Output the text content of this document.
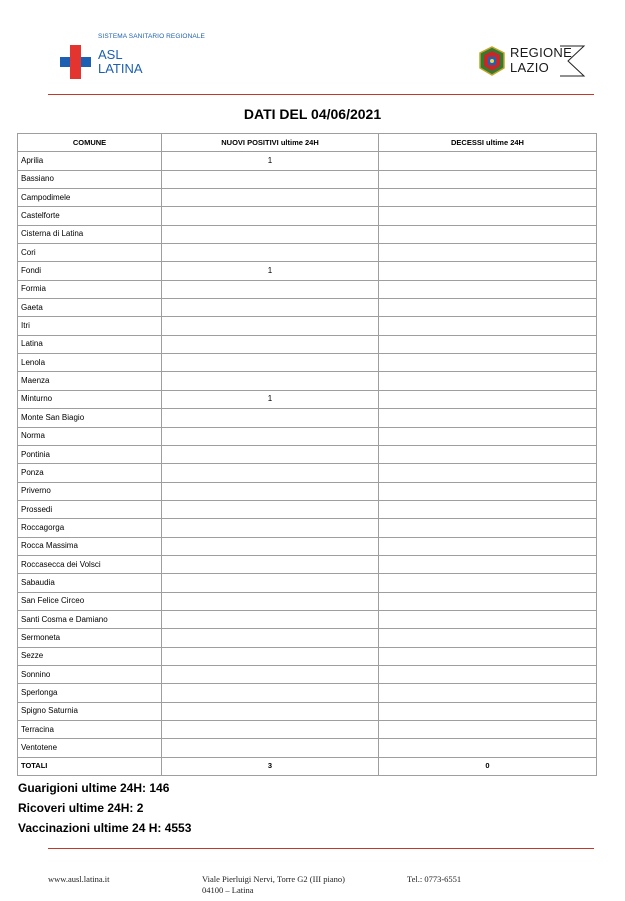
SISTEMA SANITARIO REGIONALE
ASL
LATINA
REGIONE
LAZIO
DATI DEL 04/06/2021
COMUNE	NUOVI POSITIVI ultime 24H	DECESSI ultime 24H
Aprilia	1	
Bassiano		
Campodimele		
Castelforte		
Cisterna di Latina		
Cori		
Fondi	1	
Formia		
Gaeta		
Itri		
Latina		
Lenola		
Maenza		
Minturno	1	
Monte San Biagio		
Norma		
Pontinia		
Ponza		
Priverno		
Prossedi		
Roccagorga		
Rocca Massima		
Roccasecca dei Volsci		
Sabaudia		
San Felice Circeo		
Santi Cosma e Damiano		
Sermoneta		
Sezze		
Sonnino		
Sperlonga		
Spigno Saturnia		
Terracina		
Ventotene		
TOTALI	3	0
Guarigioni ultime 24H: 146
Ricoveri ultime 24H: 2
Vaccinazioni ultime 24 H: 4553
www.ausl.latina.it	Viale Pierluigi Nervi, Torre G2 (III piano)
04100 – Latina
Tel.: 0773-6551
